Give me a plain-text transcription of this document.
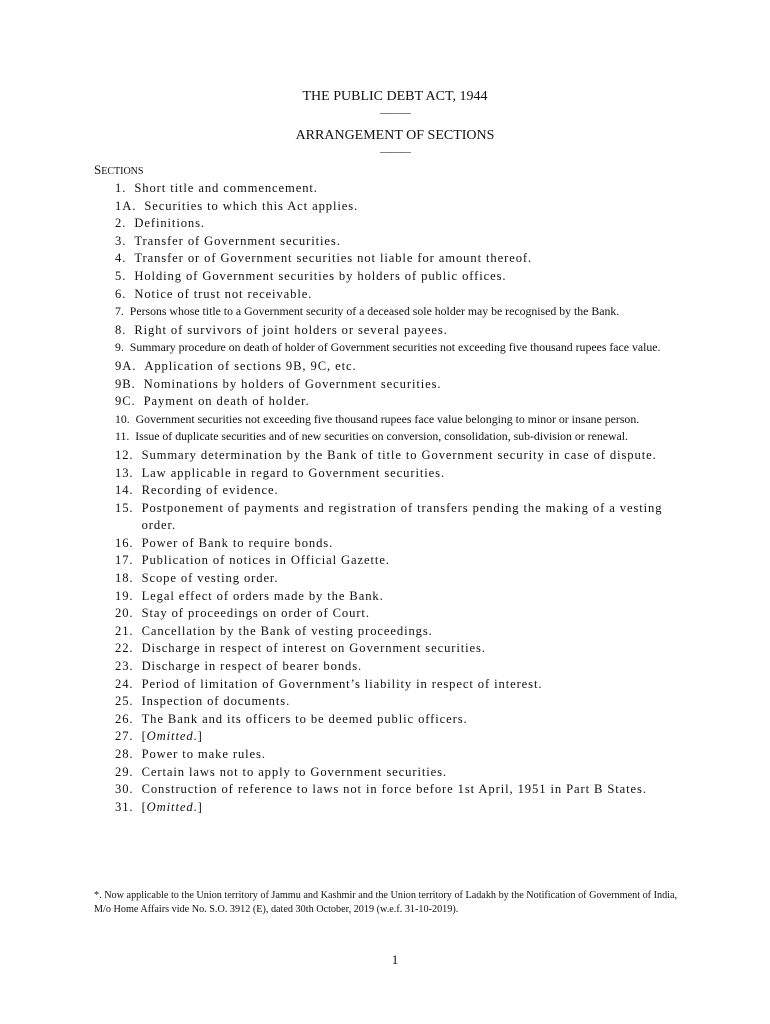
THE PUBLIC DEBT ACT, 1944
———
ARRANGEMENT OF SECTIONS
———
SECTIONS
1.
Short title and commencement.
1A.
Securities to which this Act applies.
2.
Definitions.
3.
Transfer of Government securities.
4.
Transfer or of Government securities not liable for amount thereof.
5.
Holding of Government securities by holders of public offices.
6.
Notice of trust not receivable.
7.
Persons whose title to a Government security of a deceased sole holder may be recognised by the Bank.
8.
Right of survivors of joint holders or several payees.
9.
Summary procedure on death of holder of Government securities not exceeding five thousand rupees face value.
9A.
Application of sections 9B, 9C, etc.
9B.
Nominations by holders of Government securities.
9C.
Payment on death of holder.
10.
Government securities not exceeding five thousand rupees face value belonging to minor or insane person.
11.
Issue of duplicate securities and of new securities on conversion, consolidation, sub-division or renewal.
12.
Summary determination by the Bank of title to Government security in case of dispute.
13.
Law applicable in regard to Government securities.
14.
Recording of evidence.
15.
Postponement of payments and registration of transfers pending the making of a vesting order.
16.
Power of Bank to require bonds.
17.
Publication of notices in Official Gazette.
18.
Scope of vesting order.
19.
Legal effect of orders made by the Bank.
20.
Stay of proceedings on order of Court.
21.
Cancellation by the Bank of vesting proceedings.
22.
Discharge in respect of interest on Government securities.
23.
Discharge in respect of bearer bonds.
24.
Period of limitation of Government’s liability in respect of interest.
25.
Inspection of documents.
26.
The Bank and its officers to be deemed public officers.
27.
[Omitted.]
28.
Power to make rules.
29.
Certain laws not to apply to Government securities.
30.
Construction of reference to laws not in force before 1st April, 1951 in Part B States.
31.
[Omitted.]
*. Now applicable to the Union territory of Jammu and Kashmir and the Union territory of Ladakh by the Notification of Government of India, M/o Home Affairs vide No. S.O. 3912 (E), dated 30th October, 2019 (w.e.f. 31-10-2019).
1
